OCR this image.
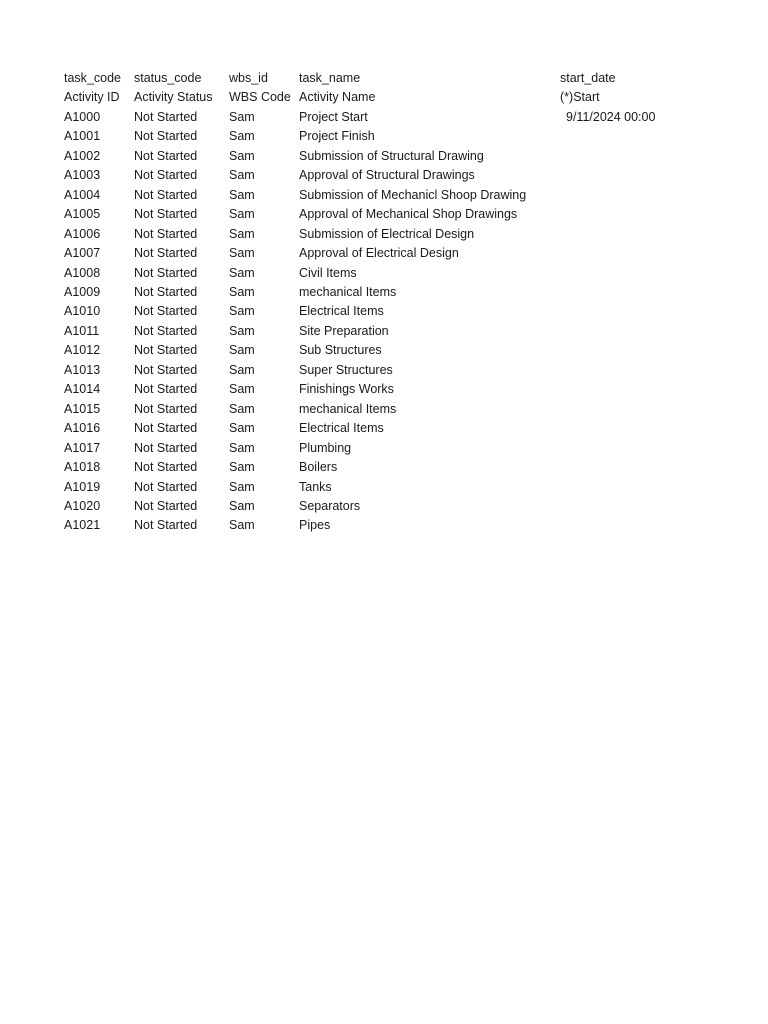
task_code	status_code	wbs_id	task_name	start_date
Activity ID	Activity Status	WBS Code	Activity Name	(*)Start
A1000	Not Started	Sam	Project Start	9/11/2024 00:00
A1001	Not Started	Sam	Project Finish	
A1002	Not Started	Sam	Submission of Structural Drawing	
A1003	Not Started	Sam	Approval of Structural Drawings	
A1004	Not Started	Sam	Submission of Mechanicl Shoop Drawing	
A1005	Not Started	Sam	Approval of Mechanical Shop Drawings	
A1006	Not Started	Sam	Submission of Electrical Design	
A1007	Not Started	Sam	Approval of Electrical Design	
A1008	Not Started	Sam	Civil Items	
A1009	Not Started	Sam	mechanical Items	
A1010	Not Started	Sam	Electrical Items	
A1011	Not Started	Sam	Site Preparation	
A1012	Not Started	Sam	Sub Structures	
A1013	Not Started	Sam	Super Structures	
A1014	Not Started	Sam	Finishings Works	
A1015	Not Started	Sam	mechanical Items	
A1016	Not Started	Sam	Electrical Items	
A1017	Not Started	Sam	Plumbing	
A1018	Not Started	Sam	Boilers	
A1019	Not Started	Sam	Tanks	
A1020	Not Started	Sam	Separators	
A1021	Not Started	Sam	Pipes	
